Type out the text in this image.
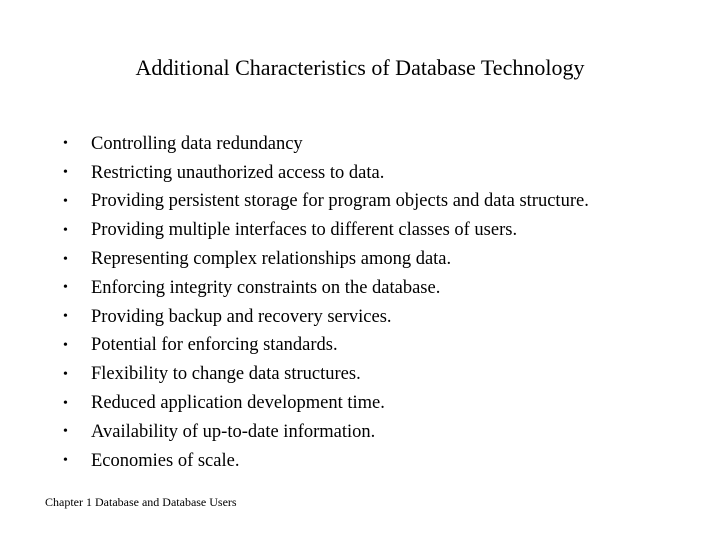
Additional Characteristics of Database Technology
•	Controlling data redundancy
•	Restricting unauthorized access to data.
•	Providing persistent storage for program objects and data structure.
•	Providing multiple interfaces to different classes of users.
•	Representing complex relationships among data.
•	Enforcing integrity constraints on the database.
•	Providing backup and recovery services.
•	Potential for enforcing standards.
•	Flexibility to change data structures.
•	Reduced application development time.
•	Availability of up-to-date information.
•	Economies of scale.
Chapter 1 Database and Database Users
